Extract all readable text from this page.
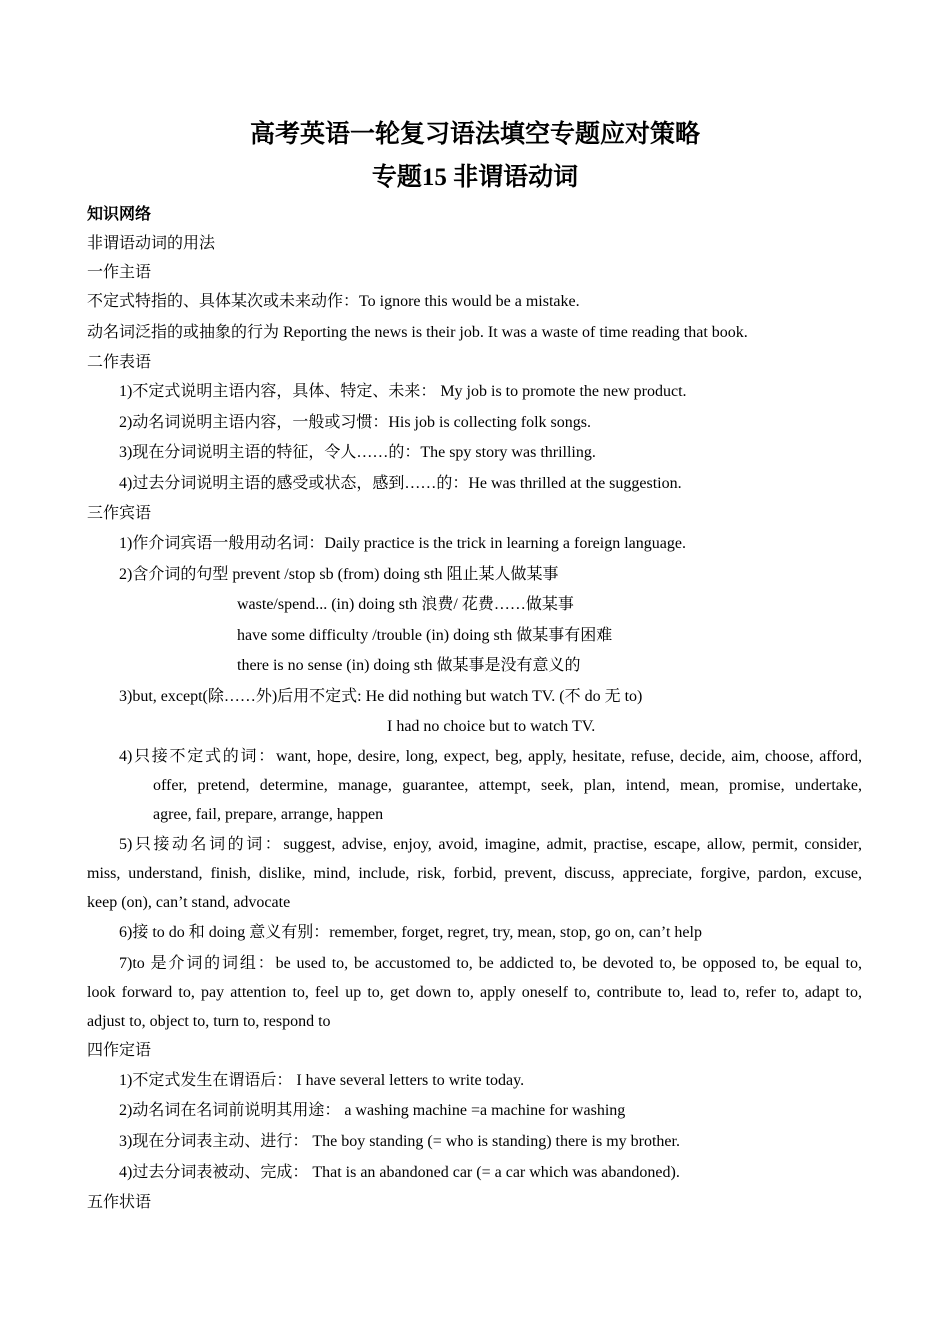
高考英语一轮复习语法填空专题应对策略
专题15 非谓语动词
知识网络
非谓语动词的用法
一作主语
不定式特指的、具体某次或未来动作：To ignore this would be a mistake.
动名词泛指的或抽象的行为 Reporting the news is their job. It was a waste of time reading that book.
二作表语
1)不定式说明主语内容，具体、特定、未来： My job is to promote the new product.
2)动名词说明主语内容，一般或习惯：His job is collecting folk songs.
3)现在分词说明主语的特征，令人……的：The spy story was thrilling.
4)过去分词说明主语的感受或状态，感到……的：He was thrilled at the suggestion.
三作宾语
1)作介词宾语一般用动名词：Daily practice is the trick in learning a foreign language.
2)含介词的句型 prevent /stop sb (from) doing sth 阻止某人做某事
waste/spend... (in) doing sth 浪费/ 花费……做某事
have some difficulty /trouble (in) doing sth 做某事有困难
there is no sense (in) doing sth 做某事是没有意义的
3)but, except(除……外)后用不定式: He did nothing but watch TV. (不 do 无 to)
I had no choice but to watch TV.
4)只接不定式的词：want, hope, desire, long, expect, beg, apply, hesitate, refuse, decide, aim, choose, afford,
offer, pretend, determine, manage, guarantee, attempt, seek, plan, intend, mean, promise, undertake,
agree, fail, prepare, arrange, happen
5)只接动名词的词：suggest, advise, enjoy, avoid, imagine, admit, practise, escape, allow, permit, consider,
miss, understand, finish, dislike, mind, include, risk, forbid, prevent, discuss, appreciate, forgive, pardon, excuse,
keep (on), can’t stand, advocate
6)接 to do 和 doing 意义有别：remember, forget, regret, try, mean, stop, go on, can’t help
7)to 是介词的词组：be used to, be accustomed to, be addicted to, be devoted to, be opposed to, be equal to,
look forward to, pay attention to, feel up to, get down to, apply oneself to, contribute to, lead to, refer to, adapt to,
adjust to, object to, turn to, respond to
四作定语
1)不定式发生在谓语后： I have several letters to write today.
2)动名词在名词前说明其用途： a washing machine =a machine for washing
3)现在分词表主动、进行： The boy standing (= who is standing) there is my brother.
4)过去分词表被动、完成： That is an abandoned car (= a car which was abandoned).
五作状语
